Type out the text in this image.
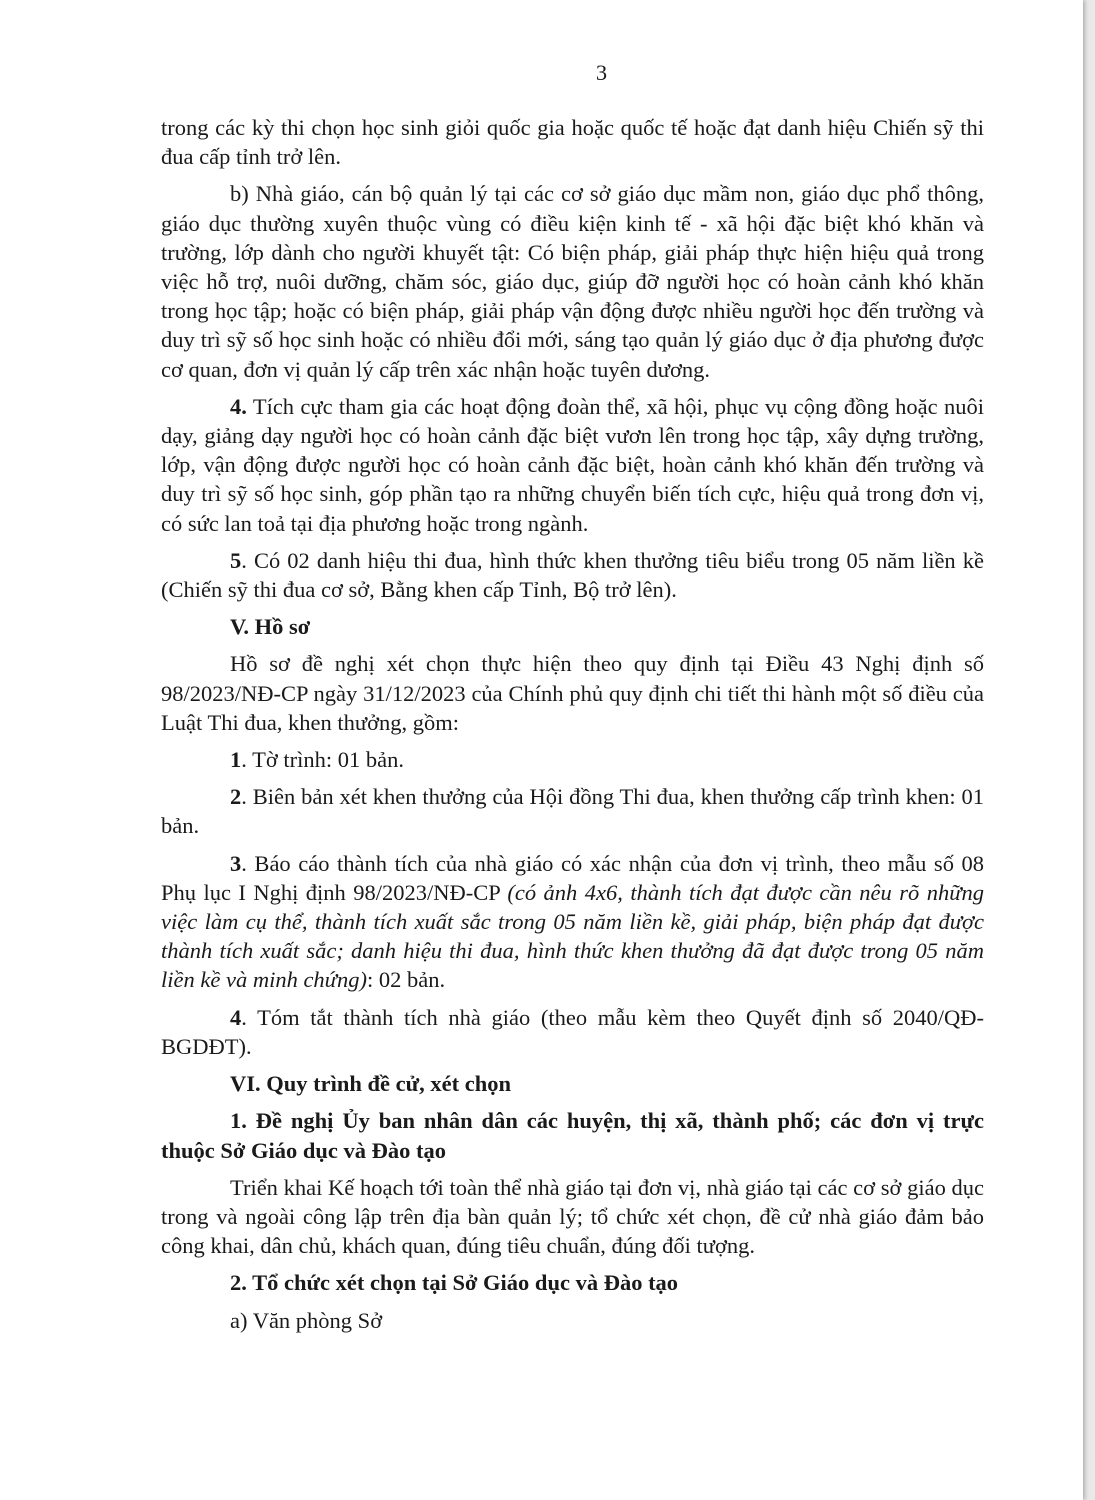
3

trong các kỳ thi chọn học sinh giỏi quốc gia hoặc quốc tế hoặc đạt danh hiệu Chiến sỹ thi đua cấp tỉnh trở lên.

b) Nhà giáo, cán bộ quản lý tại các cơ sở giáo dục mầm non, giáo dục phổ thông, giáo dục thường xuyên thuộc vùng có điều kiện kinh tế - xã hội đặc biệt khó khăn và trường, lớp dành cho người khuyết tật: Có biện pháp, giải pháp thực hiện hiệu quả trong việc hỗ trợ, nuôi dưỡng, chăm sóc, giáo dục, giúp đỡ người học có hoàn cảnh khó khăn trong học tập; hoặc có biện pháp, giải pháp vận động được nhiều người học đến trường và duy trì sỹ số học sinh hoặc có nhiều đổi mới, sáng tạo quản lý giáo dục ở địa phương được cơ quan, đơn vị quản lý cấp trên xác nhận hoặc tuyên dương.

4. Tích cực tham gia các hoạt động đoàn thể, xã hội, phục vụ cộng đồng hoặc nuôi dạy, giảng dạy người học có hoàn cảnh đặc biệt vươn lên trong học tập, xây dựng trường, lớp, vận động được người học có hoàn cảnh đặc biệt, hoàn cảnh khó khăn đến trường và duy trì sỹ số học sinh, góp phần tạo ra những chuyển biến tích cực, hiệu quả trong đơn vị, có sức lan toả tại địa phương hoặc trong ngành.

5. Có 02 danh hiệu thi đua, hình thức khen thưởng tiêu biểu trong 05 năm liền kề (Chiến sỹ thi đua cơ sở, Bằng khen cấp Tỉnh, Bộ trở lên).

V. Hồ sơ

Hồ sơ đề nghị xét chọn thực hiện theo quy định tại Điều 43 Nghị định số 98/2023/NĐ-CP ngày 31/12/2023 của Chính phủ quy định chi tiết thi hành một số điều của Luật Thi đua, khen thưởng, gồm:

1. Tờ trình: 01 bản.

2. Biên bản xét khen thưởng của Hội đồng Thi đua, khen thưởng cấp trình khen: 01 bản.

3. Báo cáo thành tích của nhà giáo có xác nhận của đơn vị trình, theo mẫu số 08 Phụ lục I Nghị định 98/2023/NĐ-CP (có ảnh 4x6, thành tích đạt được cần nêu rõ những việc làm cụ thể, thành tích xuất sắc trong 05 năm liền kề, giải pháp, biện pháp đạt được thành tích xuất sắc; danh hiệu thi đua, hình thức khen thưởng đã đạt được trong 05 năm liền kề và minh chứng): 02 bản.

4. Tóm tắt thành tích nhà giáo (theo mẫu kèm theo Quyết định số 2040/QĐ-BGDĐT).

VI. Quy trình đề cử, xét chọn

1. Đề nghị Ủy ban nhân dân các huyện, thị xã, thành phố; các đơn vị trực thuộc Sở Giáo dục và Đào tạo

Triển khai Kế hoạch tới toàn thể nhà giáo tại đơn vị, nhà giáo tại các cơ sở giáo dục trong và ngoài công lập trên địa bàn quản lý; tổ chức xét chọn, đề cử nhà giáo đảm bảo công khai, dân chủ, khách quan, đúng tiêu chuẩn, đúng đối tượng.

2. Tổ chức xét chọn tại Sở Giáo dục và Đào tạo

a) Văn phòng Sở
